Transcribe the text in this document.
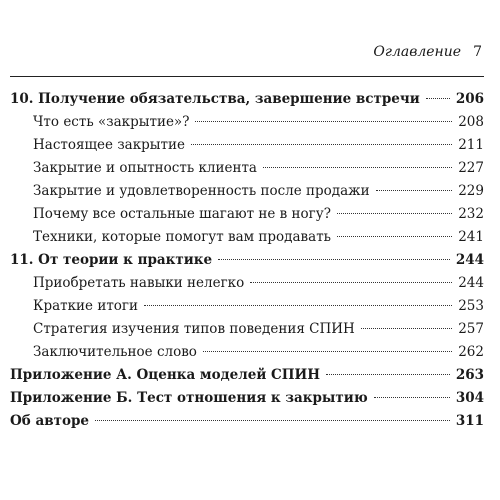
Оглавление 7
10. Получение обязательства, завершение встречи	206
Что есть «закрытие»?	208
Настоящее закрытие	211
Закрытие и опытность клиента	227
Закрытие и удовлетворенность после продажи	229
Почему все остальные шагают не в ногу?	232
Техники, которые помогут вам продавать	241
11. От теории к практике	244
Приобретать навыки нелегко	244
Краткие итоги	253
Стратегия изучения типов поведения СПИН	257
Заключительное слово	262
Приложение А. Оценка моделей СПИН	263
Приложение Б. Тест отношения к закрытию	304
Об авторе	311
